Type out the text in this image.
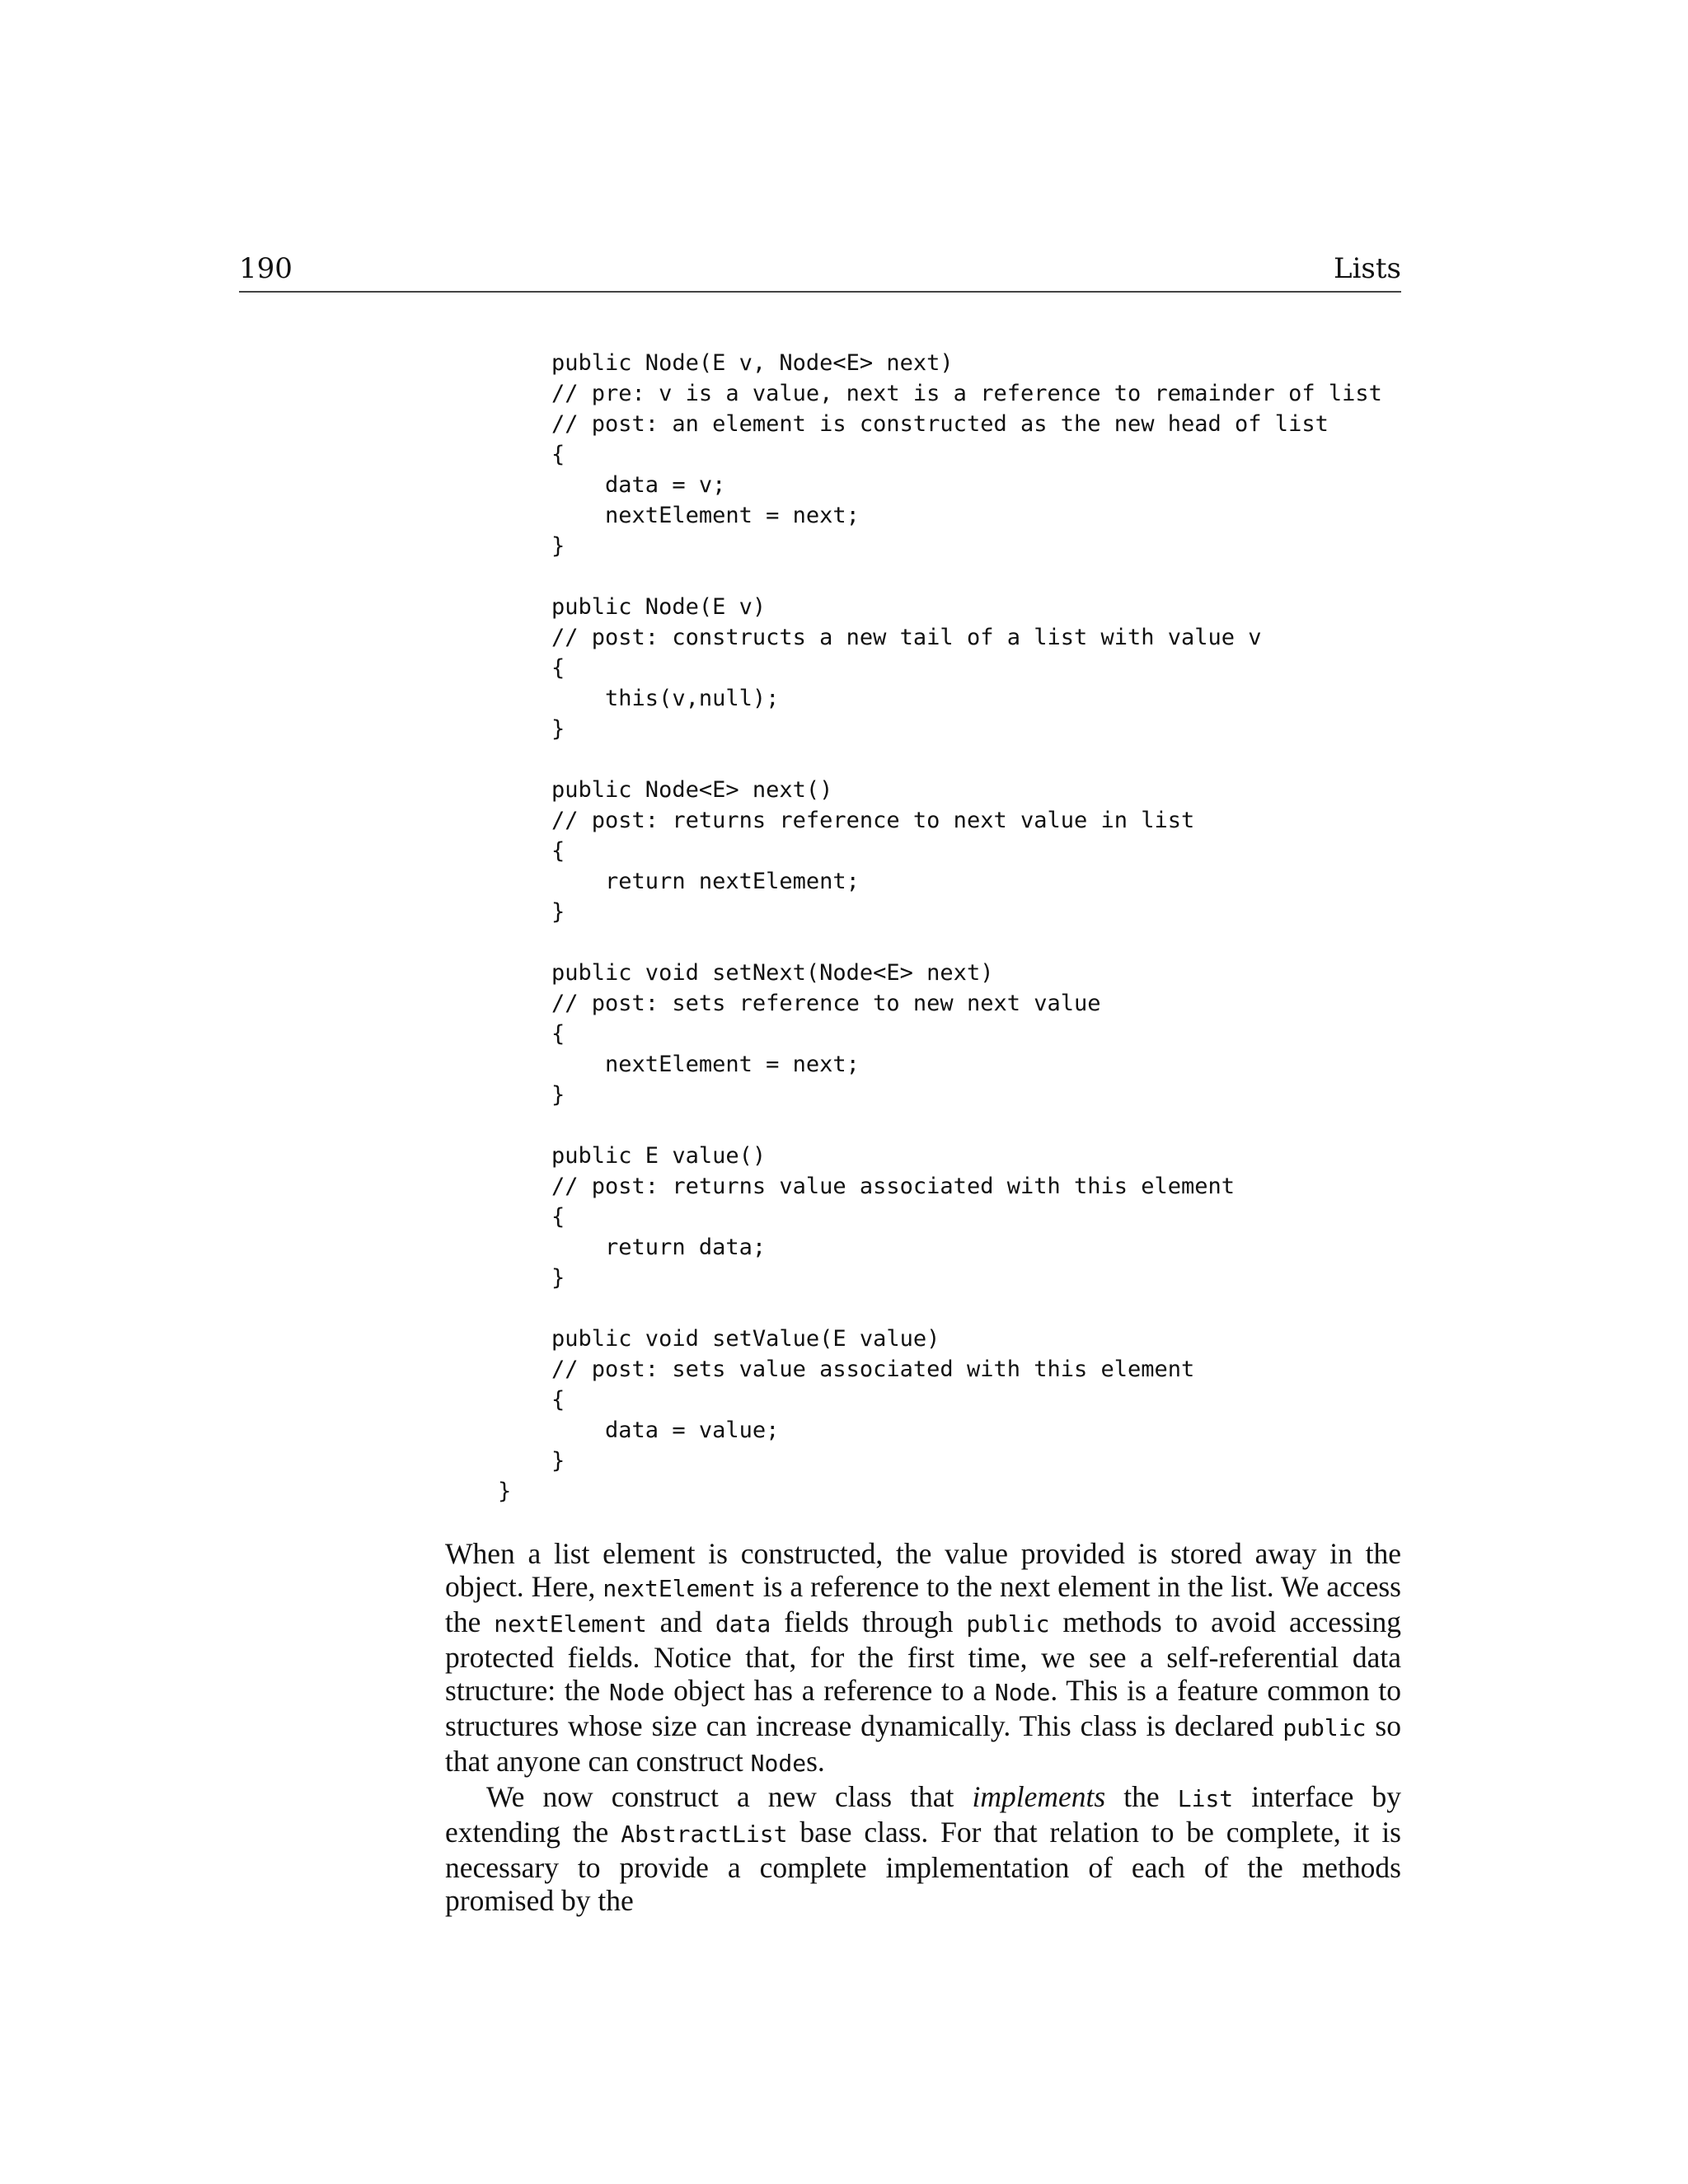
190	Lists
public Node(E v, Node<E> next)
// pre: v is a value, next is a reference to remainder of list
// post: an element is constructed as the new head of list
{
data = v;
nextElement = next;
}
public Node(E v)
// post: constructs a new tail of a list with value v
{
this(v,null);
}
public Node<E> next()
// post: returns reference to next value in list
{
return nextElement;
}
public void setNext(Node<E> next)
// post: sets reference to new next value
{
nextElement = next;
}
public E value()
// post: returns value associated with this element
{
return data;
}
public void setValue(E value)
// post: sets value associated with this element
{
data = value;
}
}

When a list element is constructed, the value provided is stored away in the object. Here, nextElement is a reference to the next element in the list. We access the nextElement and data fields through public methods to avoid accessing protected fields. Notice that, for the first time, we see a self-referential data structure: the Node object has a reference to a Node. This is a feature common to structures whose size can increase dynamically. This class is declared public so that anyone can construct Nodes.

We now construct a new class that implements the List interface by extending the AbstractList base class. For that relation to be complete, it is necessary to provide a complete implementation of each of the methods promised by the
